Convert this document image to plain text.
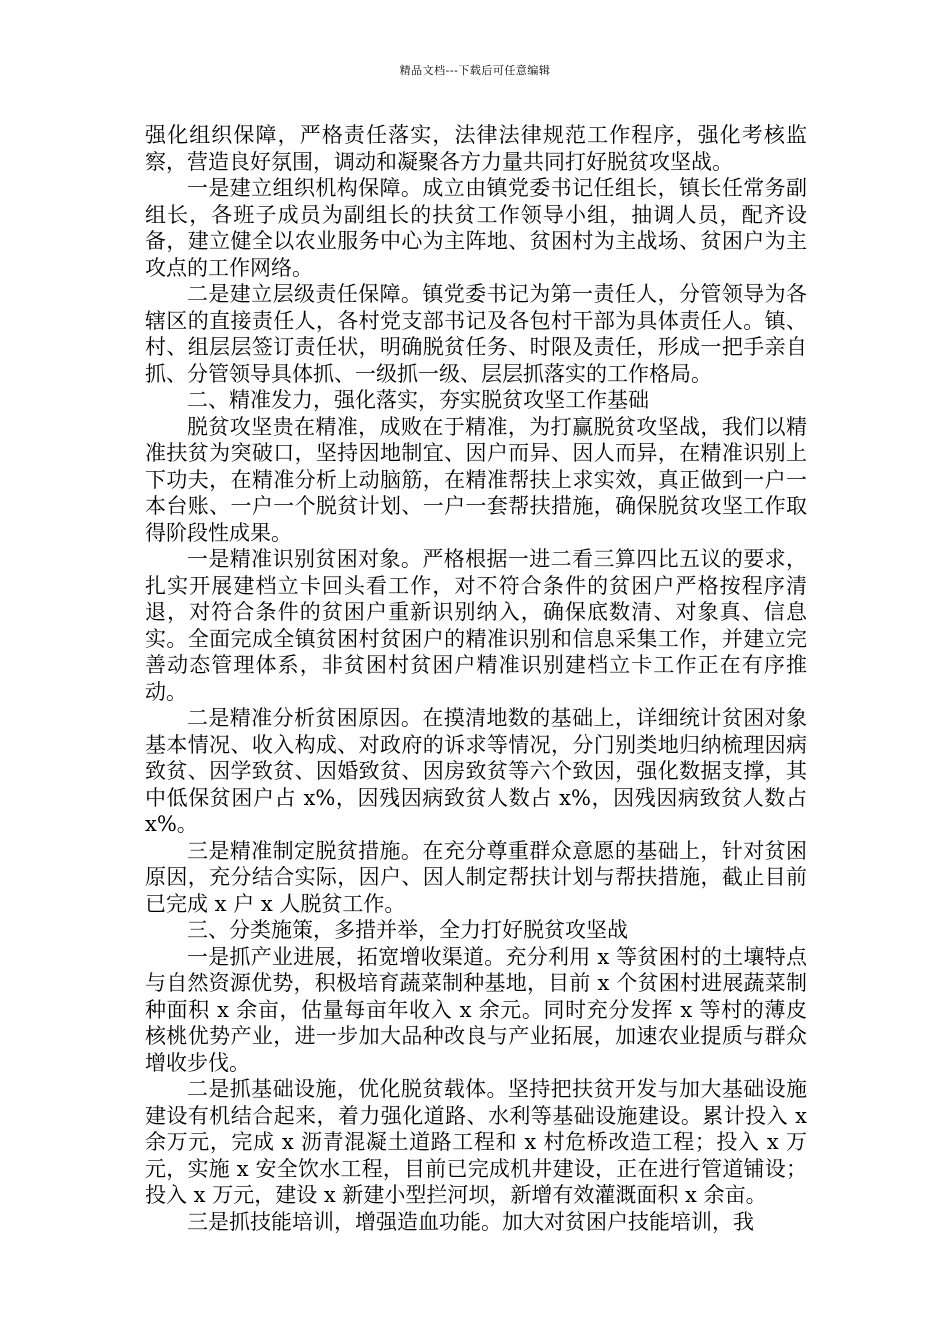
精品文档---下载后可任意编辑

强化组织保障，严格责任落实，法律法律规范工作程序，强化考核监察，营造良好氛围，调动和凝聚各方力量共同打好脱贫攻坚战。

一是建立组织机构保障。成立由镇党委书记任组长，镇长任常务副组长，各班子成员为副组长的扶贫工作领导小组，抽调人员，配齐设备，建立健全以农业服务中心为主阵地、贫困村为主战场、贫困户为主攻点的工作网络。

二是建立层级责任保障。镇党委书记为第一责任人，分管领导为各辖区的直接责任人，各村党支部书记及各包村干部为具体责任人。镇、村、组层层签订责任状，明确脱贫任务、时限及责任，形成一把手亲自抓、分管领导具体抓、一级抓一级、层层抓落实的工作格局。

二、精准发力，强化落实，夯实脱贫攻坚工作基础

脱贫攻坚贵在精准，成败在于精准，为打赢脱贫攻坚战，我们以精准扶贫为突破口，坚持因地制宜、因户而异、因人而异，在精准识别上下功夫，在精准分析上动脑筋，在精准帮扶上求实效，真正做到一户一本台账、一户一个脱贫计划、一户一套帮扶措施，确保脱贫攻坚工作取得阶段性成果。

一是精准识别贫困对象。严格根据一进二看三算四比五议的要求，扎实开展建档立卡回头看工作，对不符合条件的贫困户严格按程序清退，对符合条件的贫困户重新识别纳入，确保底数清、对象真、信息实。全面完成全镇贫困村贫困户的精准识别和信息采集工作，并建立完善动态管理体系，非贫困村贫困户精准识别建档立卡工作正在有序推动。

二是精准分析贫困原因。在摸清地数的基础上，详细统计贫困对象基本情况、收入构成、对政府的诉求等情况，分门别类地归纳梳理因病致贫、因学致贫、因婚致贫、因房致贫等六个致因，强化数据支撑，其中低保贫困户占 x%，因残因病致贫人数占 x%，因残因病致贫人数占 x%。

三是精准制定脱贫措施。在充分尊重群众意愿的基础上，针对贫困原因，充分结合实际，因户、因人制定帮扶计划与帮扶措施，截止目前已完成 x 户 x 人脱贫工作。

三、分类施策，多措并举，全力打好脱贫攻坚战

一是抓产业进展，拓宽增收渠道。充分利用 x 等贫困村的土壤特点与自然资源优势，积极培育蔬菜制种基地，目前 x 个贫困村进展蔬菜制种面积 x 余亩，估量每亩年收入 x 余元。同时充分发挥 x 等村的薄皮核桃优势产业，进一步加大品种改良与产业拓展，加速农业提质与群众增收步伐。

二是抓基础设施，优化脱贫载体。坚持把扶贫开发与加大基础设施建设有机结合起来，着力强化道路、水利等基础设施建设。累计投入 x 余万元，完成 x 沥青混凝土道路工程和 x 村危桥改造工程；投入 x 万元，实施 x 安全饮水工程，目前已完成机井建设，正在进行管道铺设；投入 x 万元，建设 x 新建小型拦河坝，新增有效灌溉面积 x 余亩。

三是抓技能培训，增强造血功能。加大对贫困户技能培训，我
